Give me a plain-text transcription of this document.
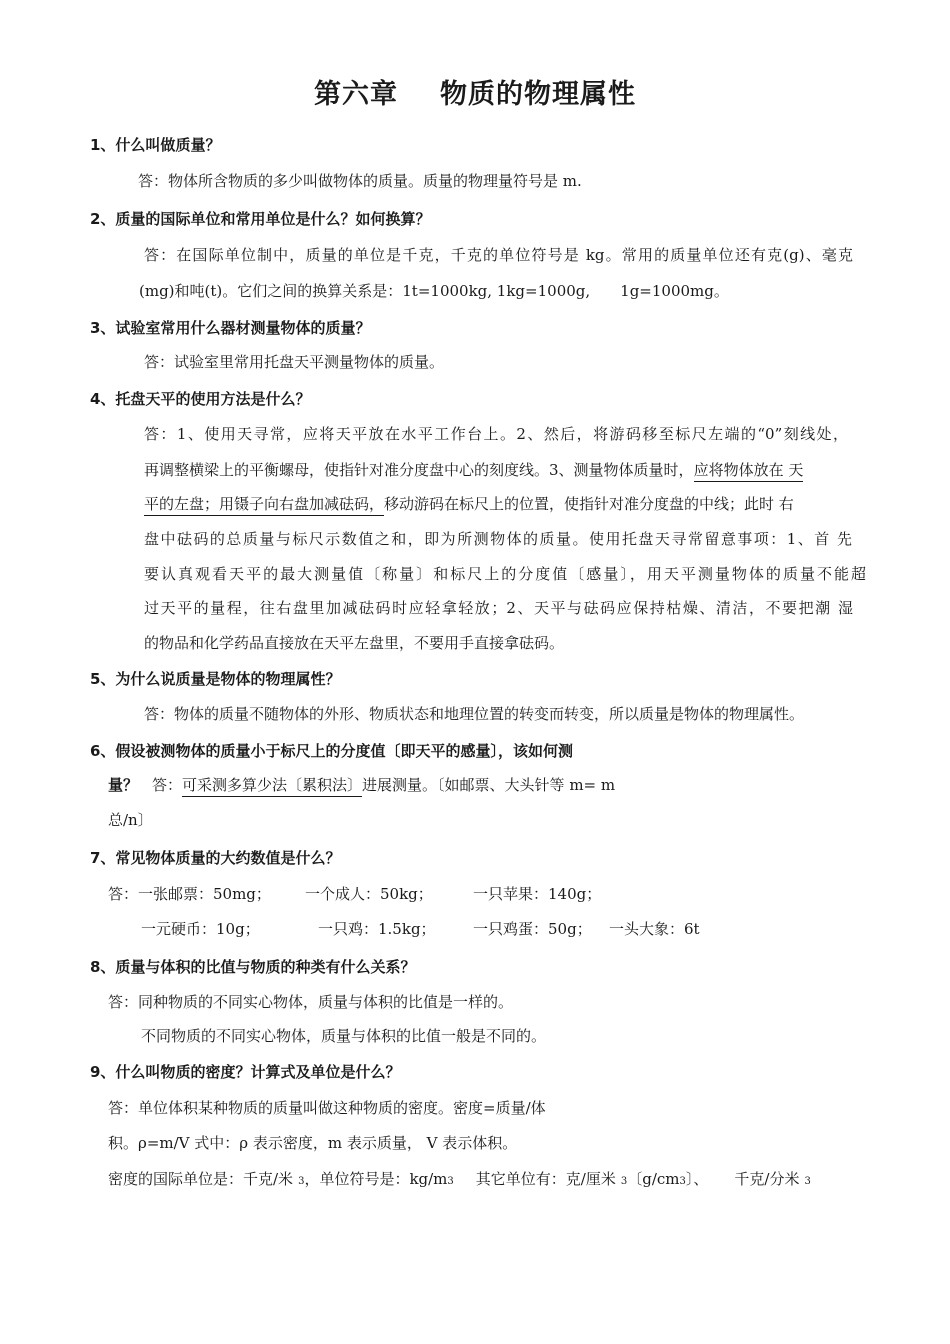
第六章 物质的物理属性
1、什么叫做质量？
答：物体所含物质的多少叫做物体的质量。质量的物理量符号是 m.
2、质量的国际单位和常用单位是什么？如何换算？
答：在国际单位制中，质量的单位是千克，千克的单位符号是 kg。常用的质量单位还有克(g)、毫克
(mg)和吨(t)。它们之间的换算关系是：1t=1000kg, 1kg=1000g, 1g=1000mg。
3、试验室常用什么器材测量物体的质量？
答：试验室里常用托盘天平测量物体的质量。
4、托盘天平的使用方法是什么？
答：1、使用天寻常，应将天平放在水平工作台上。2、然后，将游码移至标尺左端的“0”刻线处，
再调整横梁上的平衡螺母，使指针对准分度盘中心的刻度线。3、测量物体质量时，应将物体放在 天
平的左盘；用镊子向右盘加减砝码，移动游码在标尺上的位置，使指针对准分度盘的中线；此时 右
盘中砝码的总质量与标尺示数值之和，即为所测物体的质量。使用托盘天寻常留意事项：1、首 先
要认真观看天平的最大测量值〔称量〕和标尺上的分度值〔感量〕，用天平测量物体的质量不能超
过天平的量程，往右盘里加减砝码时应轻拿轻放；2、天平与砝码应保持枯燥、清洁，不要把潮 湿
的物品和化学药品直接放在天平左盘里，不要用手直接拿砝码。
5、为什么说质量是物体的物理属性？
答：物体的质量不随物体的外形、物质状态和地理位置的转变而转变，所以质量是物体的物理属性。
6、假设被测物体的质量小于标尺上的分度值〔即天平的感量〕，该如何测
量？ 答：可采测多算少法〔累积法〕进展测量。〔如邮票、大头针等 m= m
总/n〕
7、常见物体质量的大约数值是什么？
答：一张邮票：50mg； 一个成人：50kg；	一只苹果：140g；
一元硬币：10g；	一只鸡：1.5kg； 一只鸡蛋：50g； 一头大象：6t
8、质量与体积的比值与物质的种类有什么关系？
答：同种物质的不同实心物体，质量与体积的比值是一样的。
不同物质的不同实心物体，质量与体积的比值一般是不同的。
9、什么叫物质的密度？计算式及单位是什么？
答：单位体积某种物质的质量叫做这种物质的密度。密度=质量/体
积。ρ=m/V 式中：ρ 表示密度，m 表示质量， V 表示体积。
密度的国际单位是：千克/米 3，单位符号是：kg/m3 其它单位有：克/厘米 3〔g/cm3〕、 千克/分米 3
